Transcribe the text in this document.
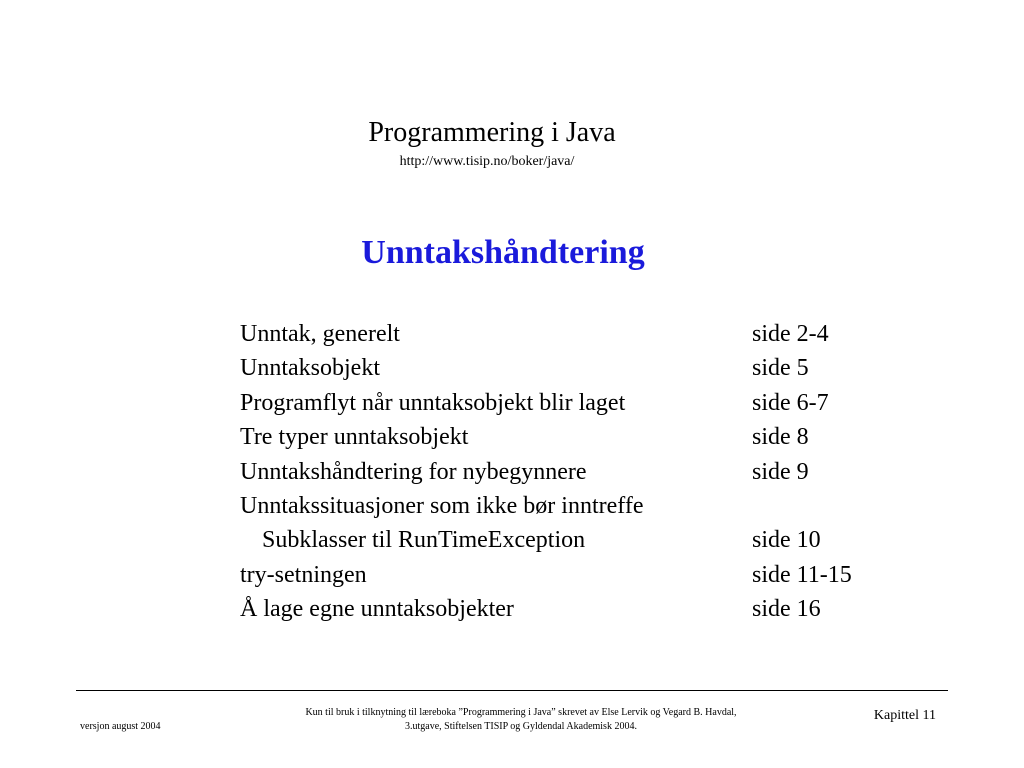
Programmering i Java
http://www.tisip.no/boker/java/
Unntakshåndtering
Unntak, generelt	side 2-4
Unntaksobjekt	side 5
Programflyt når unntaksobjekt blir laget	side 6-7
Tre typer unntaksobjekt	side 8
Unntakshåndtering for nybegynnere	side 9
Unntakssituasjoner som ikke bør inntreffe
Subklasser til RunTimeException	side 10
try-setningen	side 11-15
Å lage egne unntaksobjekter	side 16
versjon august 2004
Kun til bruk i tilknytning til læreboka ”Programmering i Java” skrevet av Else Lervik og Vegard B. Havdal,
3.utgave, Stiftelsen TISIP og Gyldendal Akademisk 2004.
Kapittel 11
